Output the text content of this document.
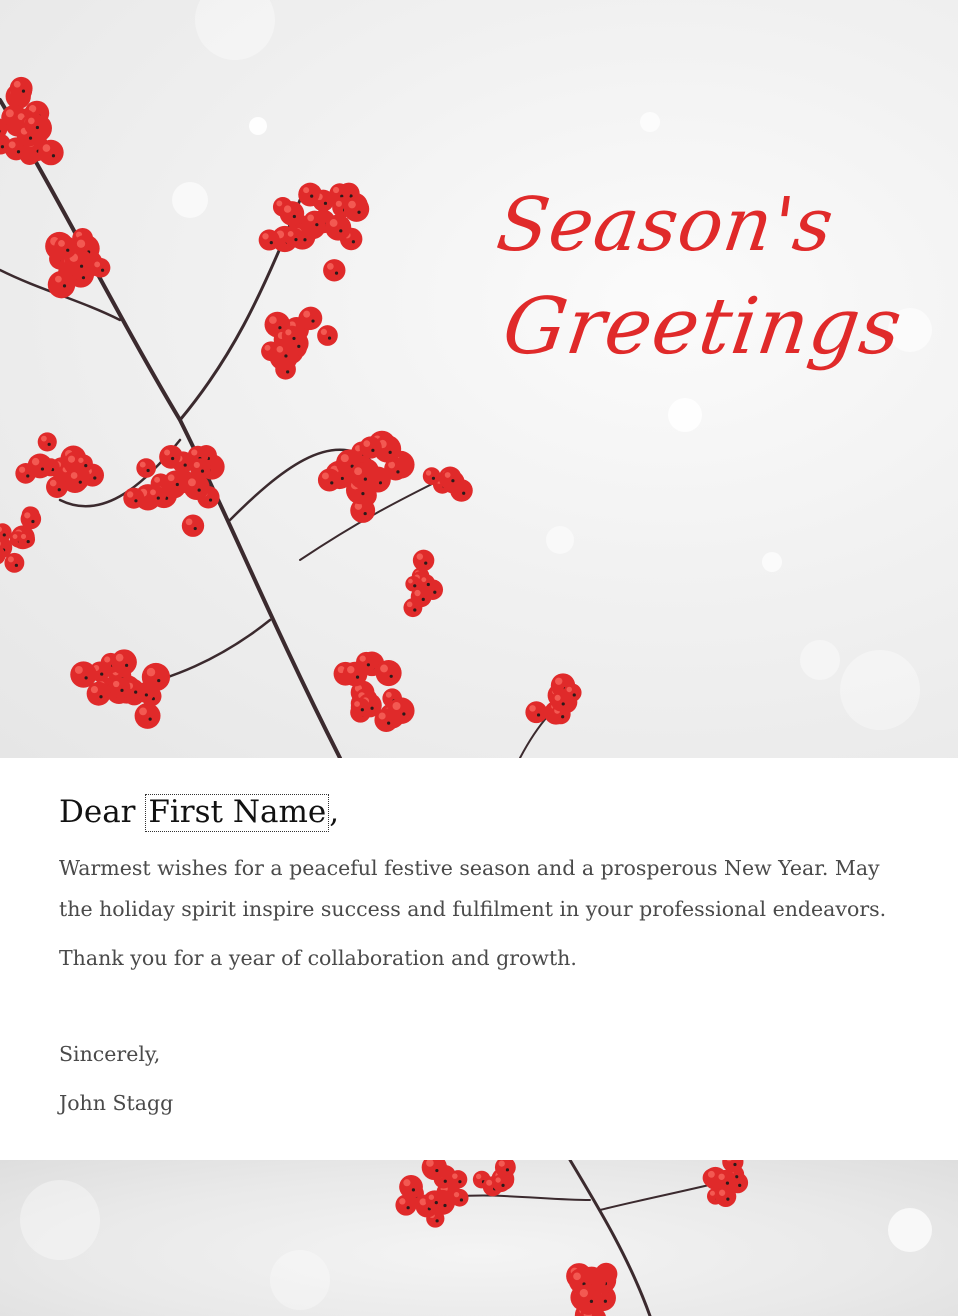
Season's
Greetings
Dear First Name,

Warmest wishes for a peaceful festive season and a prosperous New Year. May the holiday spirit inspire success and fulfilment in your professional endeavors.

Thank you for a year of collaboration and growth.

Sincerely,

John Stagg
